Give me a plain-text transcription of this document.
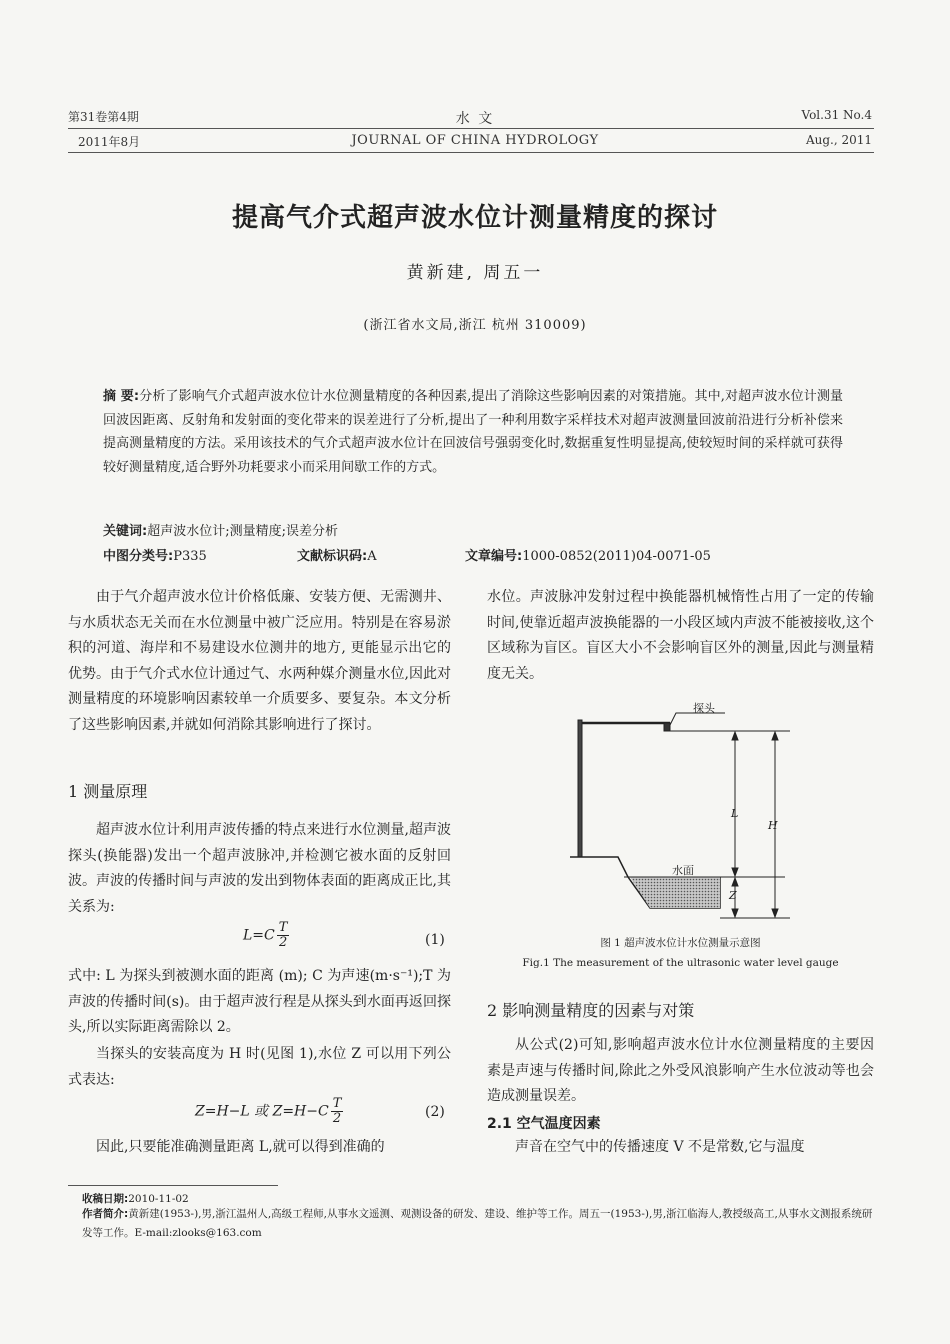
第31卷第4期
2011年8月
水 文
JOURNAL OF CHINA HYDROLOGY
Vol.31 No.4
Aug., 2011
提高气介式超声波水位计测量精度的探讨
黄新建, 周五一
(浙江省水文局,浙江 杭州 310009)
摘 要:分析了影响气介式超声波水位计水位测量精度的各种因素,提出了消除这些影响因素的对策措施。其中,对超声波水位计测量回波因距离、反射角和发射面的变化带来的误差进行了分析,提出了一种利用数字采样技术对超声波测量回波前沿进行分析补偿来提高测量精度的方法。采用该技术的气介式超声波水位计在回波信号强弱变化时,数据重复性明显提高,使较短时间的采样就可获得较好测量精度,适合野外功耗要求小而采用间歇工作的方式。
关键词:超声波水位计;测量精度;误差分析
中图分类号:P335	文献标识码:A	文章编号:1000-0852(2011)04-0071-05

由于气介超声波水位计价格低廉、安装方便、无需测井、与水质状态无关而在水位测量中被广泛应用。特别是在容易淤积的河道、海岸和不易建设水位测井的地方, 更能显示出它的优势。由于气介式水位计通过气、水两种媒介测量水位,因此对测量精度的环境影响因素较单一介质要多、要复杂。本文分析了这些影响因素,并就如何消除其影响进行了探讨。

1 测量原理

超声波水位计利用声波传播的特点来进行水位测量,超声波探头(换能器)发出一个超声波脉冲,并检测它被水面的反射回波。声波的传播时间与声波的发出到物体表面的距离成正比,其关系为:

$L=C \frac{T}{2}$	(1)

式中: L 为探头到被测水面的距离 (m); C 为声速(m·s⁻¹);T 为声波的传播时间(s)。由于超声波行程是从探头到水面再返回探头,所以实际距离需除以 2。

当探头的安装高度为 H 时(见图 1),水位 Z 可以用下列公式表达:

Z=H−L 或 $Z=H-C \frac{T}{2}$	(2)

因此,只要能准确测量距离 L,就可以得到准确的

水位。声波脉冲发射过程中换能器机械惰性占用了一定的传输时间,使靠近超声波换能器的一小段区域内声波不能被接收,这个区域称为盲区。盲区大小不会影响盲区外的测量,因此与测量精度无关。

探头
L
H
水面
Z
图 1 超声波水位计水位测量示意图
Fig.1 The measurement of the ultrasonic water level gauge
2 影响测量精度的因素与对策

从公式(2)可知,影响超声波水位计水位测量精度的主要因素是声速与传播时间,除此之外受风浪影响产生水位波动等也会造成测量误差。

2.1 空气温度因素

声音在空气中的传播速度 V 不是常数,它与温度

收稿日期:2010-11-02
作者简介:黄新建(1953-),男,浙江温州人,高级工程师,从事水文遥测、观测设备的研发、建设、维护等工作。周五一(1953-),男,浙江临海人,教授级高工,从事水文测报系统研发等工作。E-mail:zlooks@163.com
